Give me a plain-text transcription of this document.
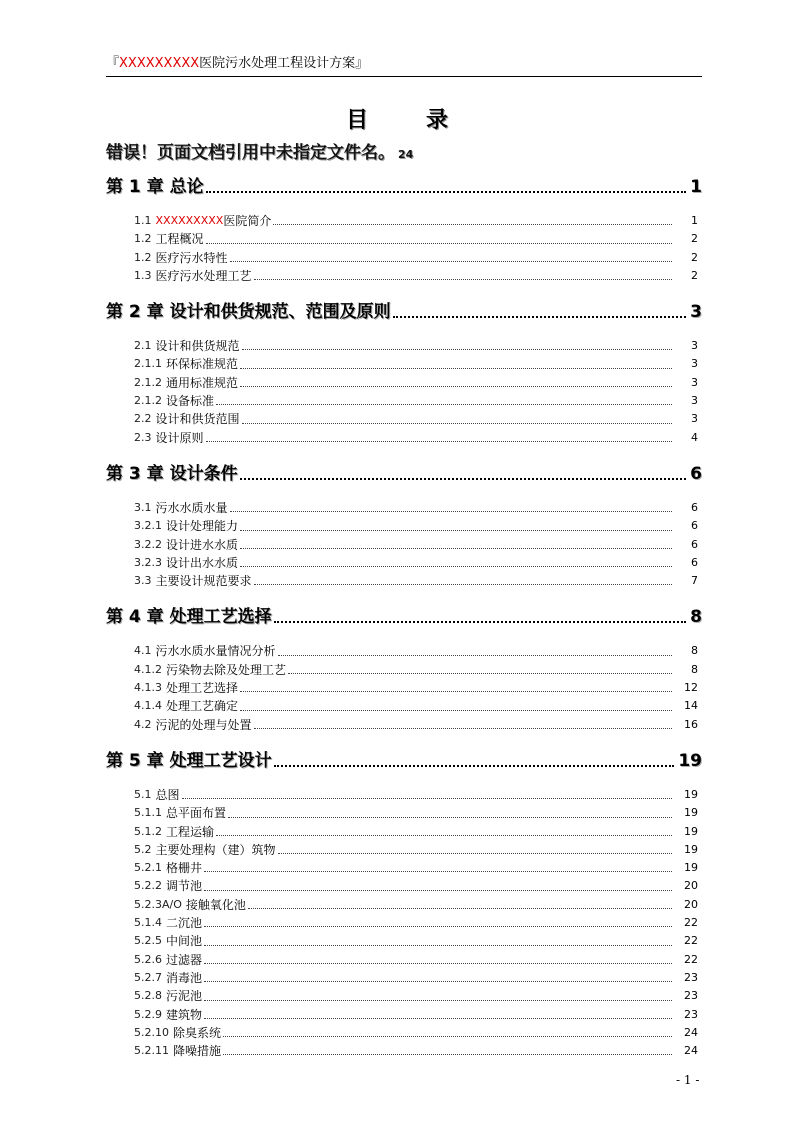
『XXXXXXXXX医院污水处理工程设计方案』
目录
错误！页面文档引用中未指定文件名。 24
第 1 章 总论	1
1.1 XXXXXXXXX 医院简介	1
1.2 工程概况	2
1.2 医疗污水特性	2
1.3 医疗污水处理工艺	2
第 2 章 设计和供货规范、范围及原则	3
2.1 设计和供货规范	3
2.1.1 环保标准规范	3
2.1.2 通用标准规范	3
2.1.2 设备标准	3
2.2 设计和供货范围	3
2.3 设计原则	4
第 3 章 设计条件	6
3.1 污水水质水量	6
3.2.1 设计处理能力	6
3.2.2 设计进水水质	6
3.2.3 设计出水水质	6
3.3 主要设计规范要求	7
第 4 章 处理工艺选择	8
4.1 污水水质水量情况分析	8
4.1.2 污染物去除及处理工艺	8
4.1.3 处理工艺选择	12
4.1.4 处理工艺确定	14
4.2 污泥的处理与处置	16
第 5 章 处理工艺设计	19
5.1 总图	19
5.1.1 总平面布置	19
5.1.2 工程运输	19
5.2 主要处理构（建）筑物	19
5.2.1 格栅井	19
5.2.2 调节池	20
5.2.3A/O 接触氧化池	20
5.1.4 二沉池	22
5.2.5 中间池	22
5.2.6 过滤器	22
5.2.7 消毒池	23
5.2.8 污泥池	23
5.2.9 建筑物	23
5.2.10 除臭系统	24
5.2.11 降噪措施	24
- 1 -
